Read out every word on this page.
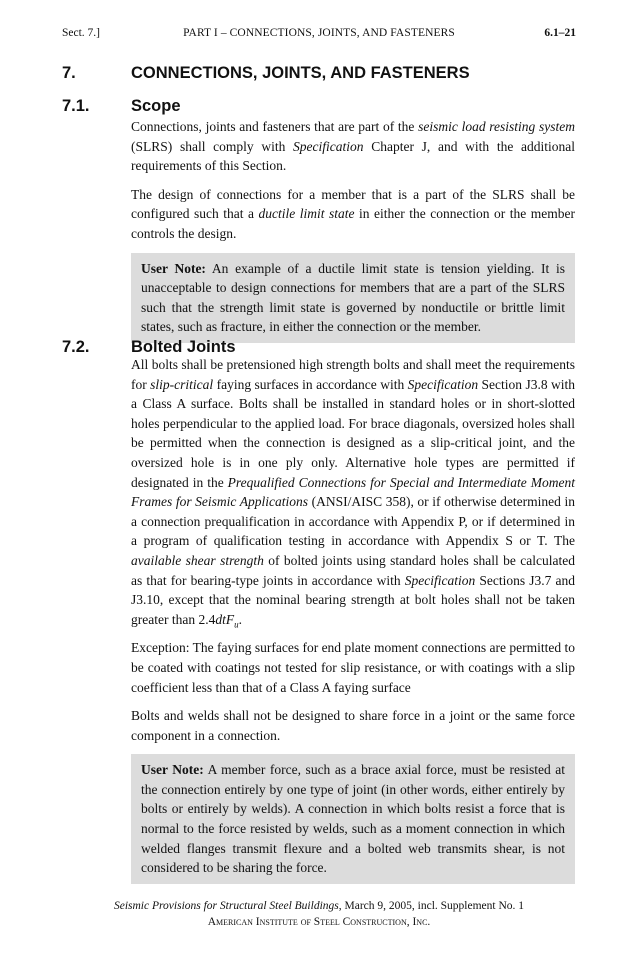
Sect. 7.]	PART I – CONNECTIONS, JOINTS, AND FASTENERS	6.1–21
7.	CONNECTIONS, JOINTS, AND FASTENERS
7.1.	Scope

Connections, joints and fasteners that are part of the seismic load resisting system (SLRS) shall comply with Specification Chapter J, and with the additional requirements of this Section.

The design of connections for a member that is a part of the SLRS shall be configured such that a ductile limit state in either the connection or the member controls the design.

User Note: An example of a ductile limit state is tension yielding. It is unacceptable to design connections for members that are a part of the SLRS such that the strength limit state is governed by nonductile or brittle limit states, such as fracture, in either the connection or the member.

7.2.	Bolted Joints

All bolts shall be pretensioned high strength bolts and shall meet the requirements for slip-critical faying surfaces in accordance with Specification Section J3.8 with a Class A surface. Bolts shall be installed in standard holes or in short-slotted holes perpendicular to the applied load. For brace diagonals, oversized holes shall be permitted when the connection is designed as a slip-critical joint, and the oversized hole is in one ply only. Alternative hole types are permitted if designated in the Prequalified Connections for Special and Intermediate Moment Frames for Seismic Applications (ANSI/AISC 358), or if otherwise determined in a connection prequalification in accordance with Appendix P, or if determined in a program of qualification testing in accordance with Appendix S or T. The available shear strength of bolted joints using standard holes shall be calculated as that for bearing-type joints in accordance with Specification Sections J3.7 and J3.10, except that the nominal bearing strength at bolt holes shall not be taken greater than 2.4dtF$_u$.

Exception: The faying surfaces for end plate moment connections are permitted to be coated with coatings not tested for slip resistance, or with coatings with a slip coefficient less than that of a Class A faying surface

Bolts and welds shall not be designed to share force in a joint or the same force component in a connection.

User Note: A member force, such as a brace axial force, must be resisted at the connection entirely by one type of joint (in other words, either entirely by bolts or entirely by welds). A connection in which bolts resist a force that is normal to the force resisted by welds, such as a moment connection in which welded flanges transmit flexure and a bolted web transmits shear, is not considered to be sharing the force.

Seismic Provisions for Structural Steel Buildings, March 9, 2005, incl. Supplement No. 1
American Institute of Steel Construction, Inc.
